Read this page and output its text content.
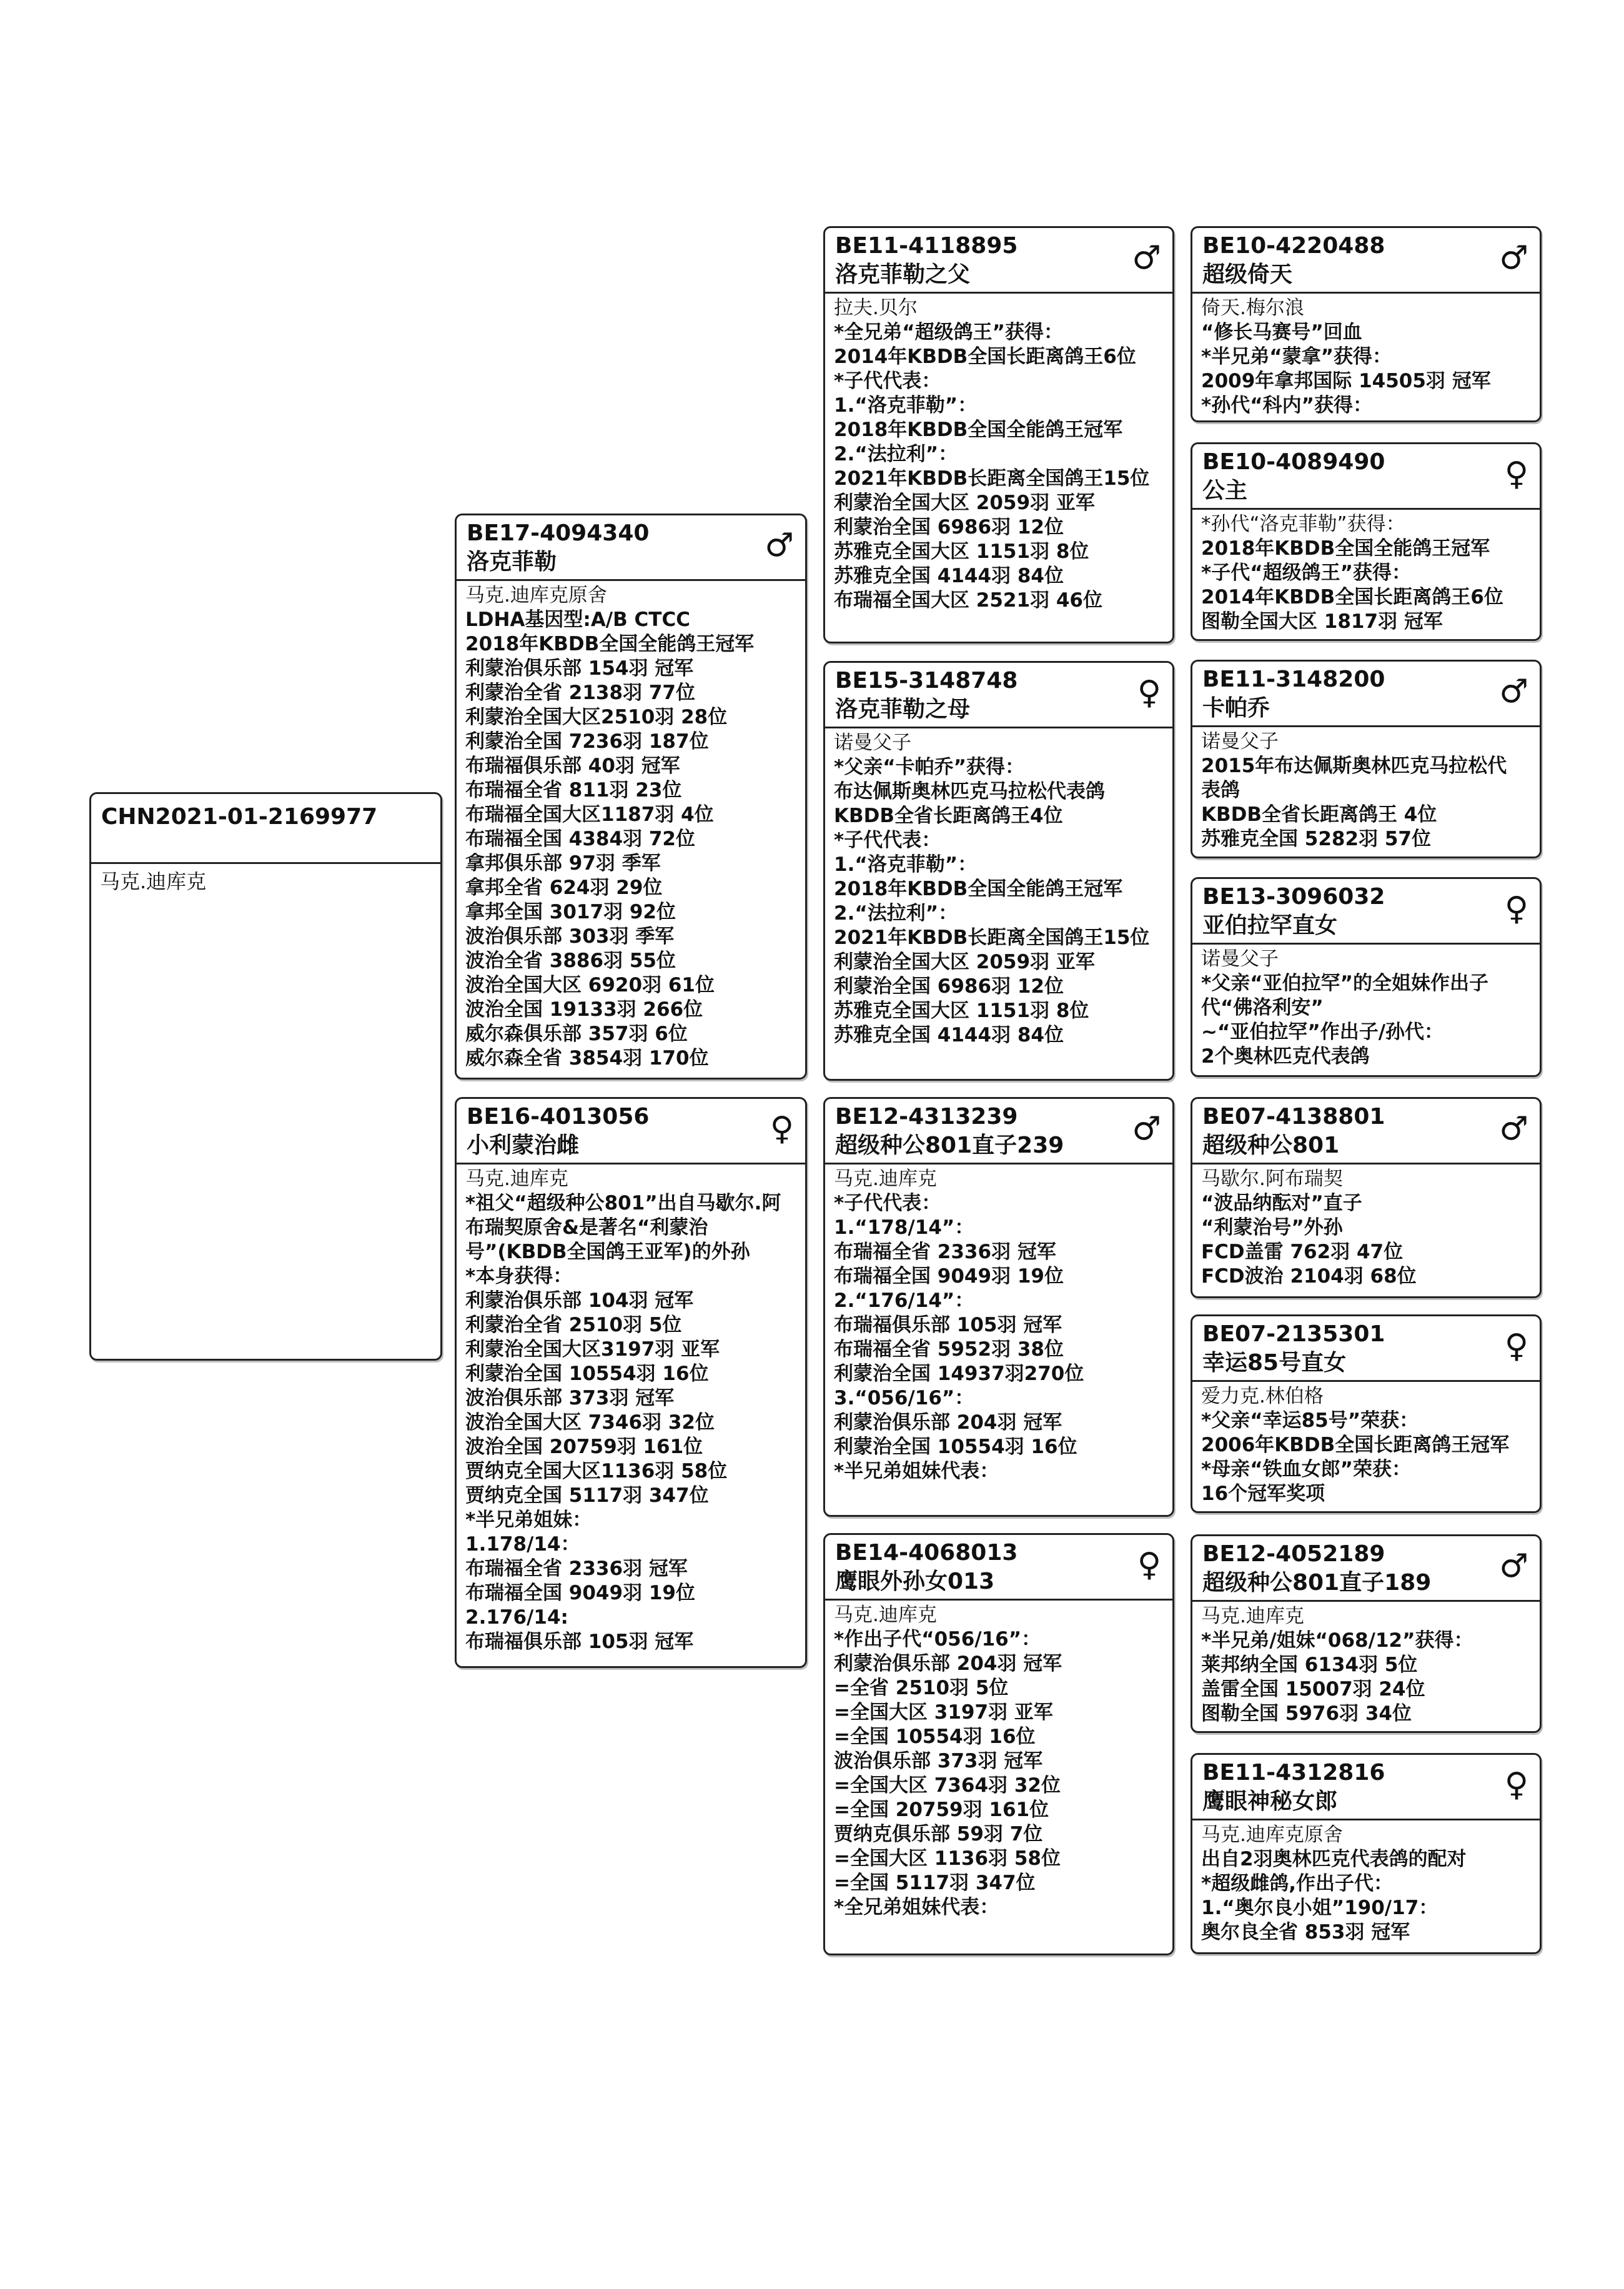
CHN2021-01-2169977
马克.迪库克
BE17-4094340
洛克菲勒	♂
马克.迪库克原舍
LDHA基因型:A/B CTCC
2018年KBDB全国全能鸽王冠军
利蒙治俱乐部 154羽 冠军
利蒙治全省 2138羽 77位
利蒙治全国大区2510羽 28位
利蒙治全国 7236羽 187位
布瑞福俱乐部 40羽 冠军
布瑞福全省 811羽 23位
布瑞福全国大区1187羽 4位
布瑞福全国 4384羽 72位
拿邦俱乐部 97羽 季军
拿邦全省 624羽 29位
拿邦全国 3017羽 92位
波治俱乐部 303羽 季军
波治全省 3886羽 55位
波治全国大区 6920羽 61位
波治全国 19133羽 266位
威尔森俱乐部 357羽 6位
威尔森全省 3854羽 170位
BE16-4013056
小利蒙治雌	♀
马克.迪库克
*祖父“超级种公801”出自马歇尔.阿
布瑞契原舍&是著名“利蒙治
号”(KBDB全国鸽王亚军)的外孙
*本身获得：
利蒙治俱乐部 104羽 冠军
利蒙治全省 2510羽 5位
利蒙治全国大区3197羽 亚军
利蒙治全国 10554羽 16位
波治俱乐部 373羽 冠军
波治全国大区 7346羽 32位
波治全国 20759羽 161位
贾纳克全国大区1136羽 58位
贾纳克全国 5117羽 347位
*半兄弟姐妹：
1.178/14：
布瑞福全省 2336羽 冠军
布瑞福全国 9049羽 19位
2.176/14:
布瑞福俱乐部 105羽 冠军
BE11-4118895
洛克菲勒之父	♂
拉夫.贝尔
*全兄弟“超级鸽王”获得：
2014年KBDB全国长距离鸽王6位
*子代代表：
1.“洛克菲勒”：
2018年KBDB全国全能鸽王冠军
2.“法拉利”：
2021年KBDB长距离全国鸽王15位
利蒙治全国大区 2059羽 亚军
利蒙治全国 6986羽 12位
苏雅克全国大区 1151羽 8位
苏雅克全国 4144羽 84位
布瑞福全国大区 2521羽 46位
BE15-3148748
洛克菲勒之母	♀
诺曼父子
*父亲“卡帕乔”获得：
布达佩斯奥林匹克马拉松代表鸽
KBDB全省长距离鸽王4位
*子代代表：
1.“洛克菲勒”：
2018年KBDB全国全能鸽王冠军
2.“法拉利”：
2021年KBDB长距离全国鸽王15位
利蒙治全国大区 2059羽 亚军
利蒙治全国 6986羽 12位
苏雅克全国大区 1151羽 8位
苏雅克全国 4144羽 84位
BE12-4313239
超级种公801直子239	♂
马克.迪库克
*子代代表：
1.“178/14”：
布瑞福全省 2336羽 冠军
布瑞福全国 9049羽 19位
2.“176/14”：
布瑞福俱乐部 105羽 冠军
布瑞福全省 5952羽 38位
利蒙治全国 14937羽270位
3.“056/16”：
利蒙治俱乐部 204羽 冠军
利蒙治全国 10554羽 16位
*半兄弟姐妹代表：
BE14-4068013
鹰眼外孙女013	♀
马克.迪库克
*作出子代“056/16”：
利蒙治俱乐部 204羽 冠军
=全省 2510羽 5位
=全国大区 3197羽 亚军
=全国 10554羽 16位
波治俱乐部 373羽 冠军
=全国大区 7364羽 32位
=全国 20759羽 161位
贾纳克俱乐部 59羽 7位
=全国大区 1136羽 58位
=全国 5117羽 347位
*全兄弟姐妹代表：
BE10-4220488
超级倚天	♂
倚天.梅尔浪
“修长马赛号”回血
*半兄弟“蒙拿”获得：
2009年拿邦国际 14505羽 冠军
*孙代“科内”获得：
BE10-4089490
公主	♀
*孙代“洛克菲勒”获得：
2018年KBDB全国全能鸽王冠军
*子代“超级鸽王”获得：
2014年KBDB全国长距离鸽王6位
图勒全国大区 1817羽 冠军
BE11-3148200
卡帕乔	♂
诺曼父子
2015年布达佩斯奥林匹克马拉松代
表鸽
KBDB全省长距离鸽王 4位
苏雅克全国 5282羽 57位
BE13-3096032
亚伯拉罕直女	♀
诺曼父子
*父亲“亚伯拉罕”的全姐妹作出子
代“佛洛利安”
~“亚伯拉罕”作出子/孙代：
2个奥林匹克代表鸽
BE07-4138801
超级种公801	♂
马歇尔.阿布瑞契
“波品纳酝对”直子
“利蒙治号”外孙
FCD盖雷 762羽 47位
FCD波治 2104羽 68位
BE07-2135301
幸运85号直女	♀
爱力克.林伯格
*父亲“幸运85号”荣获：
2006年KBDB全国长距离鸽王冠军
*母亲“铁血女郎”荣获：
16个冠军奖项
BE12-4052189
超级种公801直子189	♂
马克.迪库克
*半兄弟/姐妹“068/12”获得：
莱邦纳全国 6134羽 5位
盖雷全国 15007羽 24位
图勒全国 5976羽 34位
BE11-4312816
鹰眼神秘女郎	♀
马克.迪库克原舍
出自2羽奥林匹克代表鸽的配对
*超级雌鸽,作出子代：
1.“奥尔良小姐”190/17：
奥尔良全省 853羽 冠军
